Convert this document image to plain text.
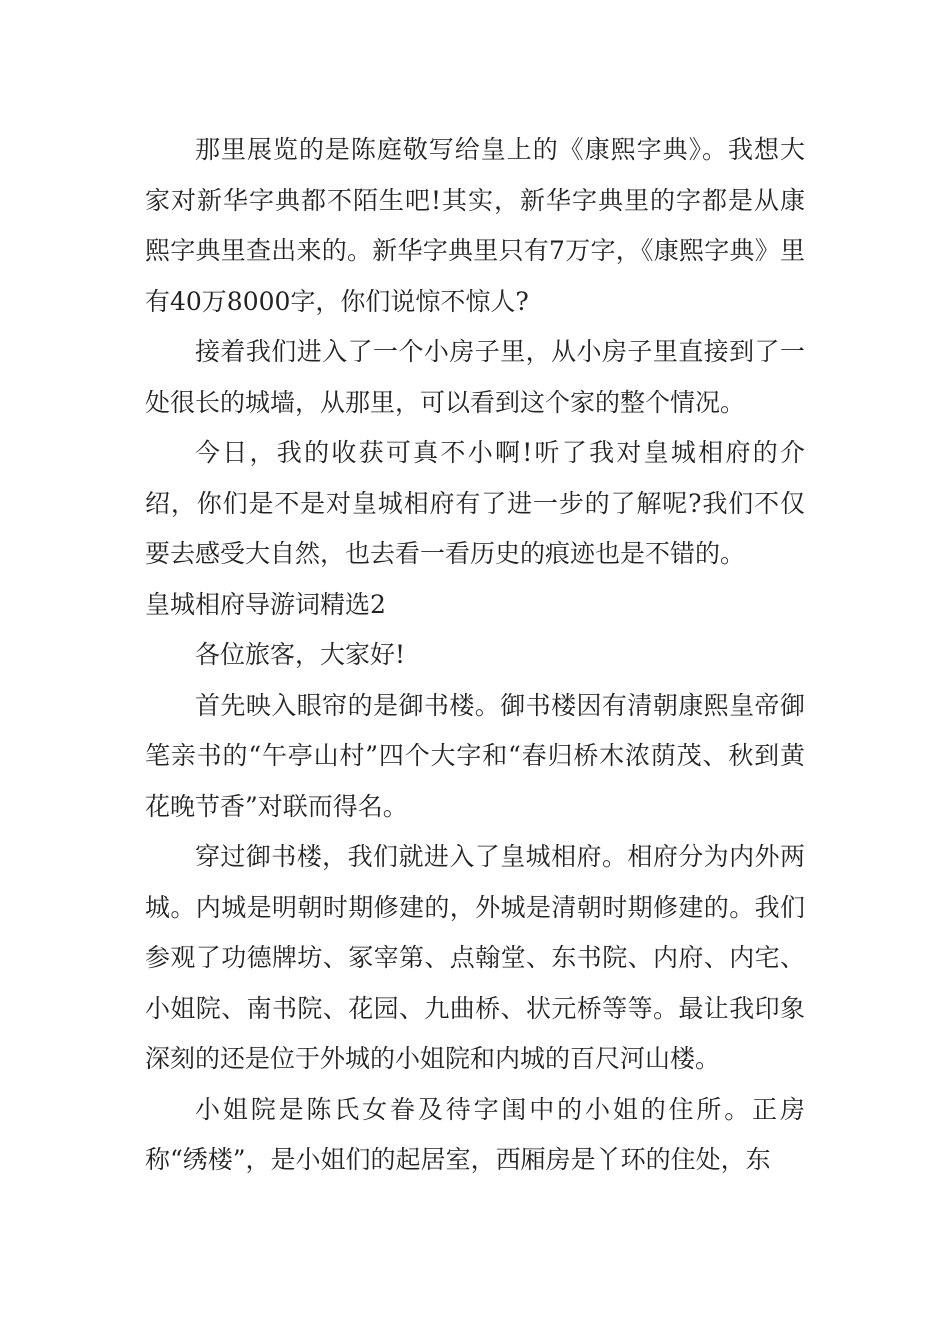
那里展览的是陈庭敬写给皇上的《康熙字典》。我想大家对新华字典都不陌生吧!其实，新华字典里的字都是从康熙字典里查出来的。新华字典里只有7万字，《康熙字典》里有40万8000字，你们说惊不惊人?

接着我们进入了一个小房子里，从小房子里直接到了一处很长的城墙，从那里，可以看到这个家的整个情况。

今日，我的收获可真不小啊!听了我对皇城相府的介绍，你们是不是对皇城相府有了进一步的了解呢?我们不仅要去感受大自然，也去看一看历史的痕迹也是不错的。

皇城相府导游词精选2

各位旅客，大家好!

首先映入眼帘的是御书楼。御书楼因有清朝康熙皇帝御笔亲书的“午亭山村”四个大字和“春归桥木浓荫茂、秋到黄花晚节香”对联而得名。

穿过御书楼，我们就进入了皇城相府。相府分为内外两城。内城是明朝时期修建的，外城是清朝时期修建的。我们参观了功德牌坊、冢宰第、点翰堂、东书院、内府、内宅、小姐院、南书院、花园、九曲桥、状元桥等等。最让我印象深刻的还是位于外城的小姐院和内城的百尺河山楼。

小姐院是陈氏女眷及待字闺中的小姐的住所。正房称“绣楼”，是小姐们的起居室，西厢房是丫环的住处，东
